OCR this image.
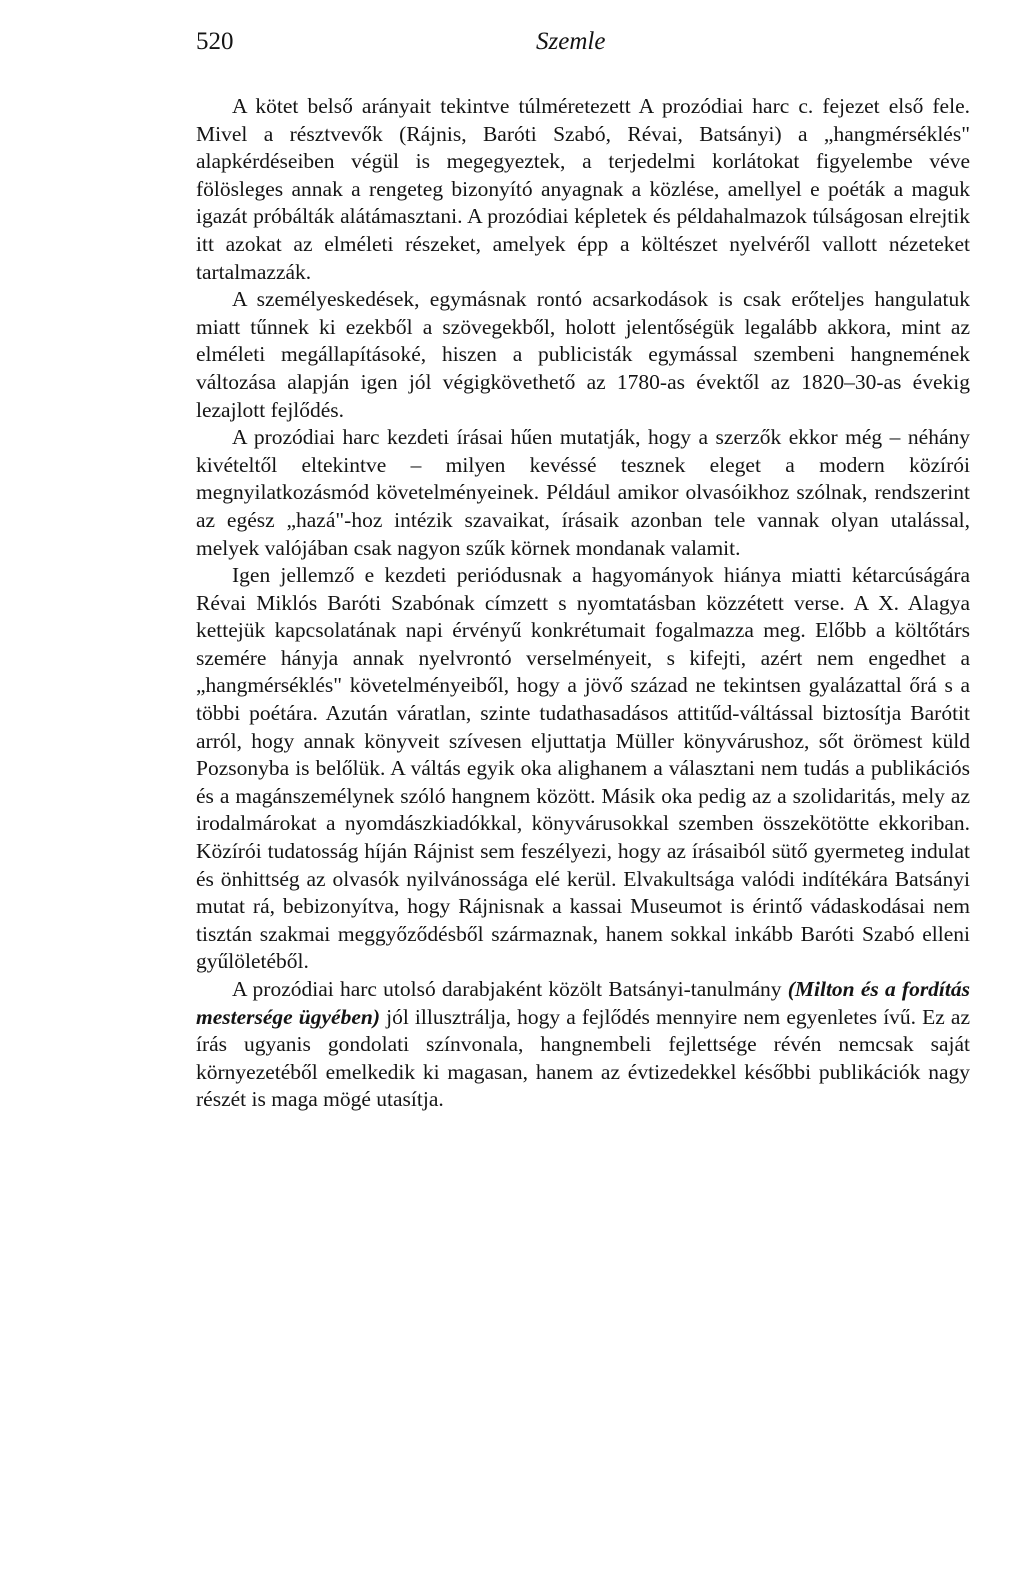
520	Szemle

A kötet belső arányait tekintve túlméretezett A prozódiai harc c. fejezet első fele. Mivel a résztvevők (Rájnis, Baróti Szabó, Révai, Batsányi) a „hangmérséklés" alapkérdéseiben végül is megegyeztek, a terjedelmi korlátokat figyelembe véve fölösleges annak a rengeteg bizonyító anyagnak a közlése, amellyel e poéták a maguk igazát próbálták alátámasztani. A prozódiai képletek és példahalmazok túlságosan elrejtik itt azokat az elméleti részeket, amelyek épp a költészet nyelvéről vallott nézeteket tartalmazzák.

A személyeskedések, egymásnak rontó acsarkodások is csak erőteljes hangulatuk miatt tűnnek ki ezekből a szövegekből, holott jelentőségük legalább akkora, mint az elméleti megállapításoké, hiszen a publicisták egymással szembeni hangnemének változása alapján igen jól végigkövethető az 1780-as évektől az 1820–30-as évekig lezajlott fejlődés.

A prozódiai harc kezdeti írásai hűen mutatják, hogy a szerzők ekkor még – néhány kivételtől eltekintve – milyen kevéssé tesznek eleget a modern közírói megnyilatkozásmód követelményeinek. Például amikor olvasóikhoz szólnak, rendszerint az egész „hazá"-hoz intézik szavaikat, írásaik azonban tele vannak olyan utalással, melyek valójában csak nagyon szűk körnek mondanak valamit.

Igen jellemző e kezdeti periódusnak a hagyományok hiánya miatti kétarcúságára Révai Miklós Baróti Szabónak címzett s nyomtatásban közzétett verse. A X. Alagya kettejük kapcsolatának napi érvényű konkrétumait fogalmazza meg. Előbb a költőtárs szemére hányja annak nyelvrontó verselményeit, s kifejti, azért nem engedhet a „hangmérséklés" követelményeiből, hogy a jövő század ne tekintsen gyalázattal őrá s a többi poétára. Azután váratlan, szinte tudathasadásos attitűd-váltással biztosítja Barótit arról, hogy annak könyveit szívesen eljuttatja Müller könyvárushoz, sőt örömest küld Pozsonyba is belőlük. A váltás egyik oka alighanem a választani nem tudás a publikációs és a magánszemélynek szóló hangnem között. Másik oka pedig az a szolidaritás, mely az irodalmárokat a nyomdászkiadókkal, könyvárusokkal szemben összekötötte ekkoriban. Közírói tudatosság híján Rájnist sem feszélyezi, hogy az írásaiból sütő gyermeteg indulat és önhittség az olvasók nyilvánossága elé kerül. Elvakultsága valódi indítékára Batsányi mutat rá, bebizonyítva, hogy Rájnisnak a kassai Museumot is érintő vádaskodásai nem tisztán szakmai meggyőződésből származnak, hanem sokkal inkább Baróti Szabó elleni gyűlöletéből.

A prozódiai harc utolsó darabjaként közölt Batsányi-tanulmány (Milton és a fordítás mestersége ügyében) jól illusztrálja, hogy a fejlődés mennyire nem egyenletes ívű. Ez az írás ugyanis gondolati színvonala, hangnembeli fejlettsége révén nemcsak saját környezetéből emelkedik ki magasan, hanem az évtizedekkel későbbi publikációk nagy részét is maga mögé utasítja.
